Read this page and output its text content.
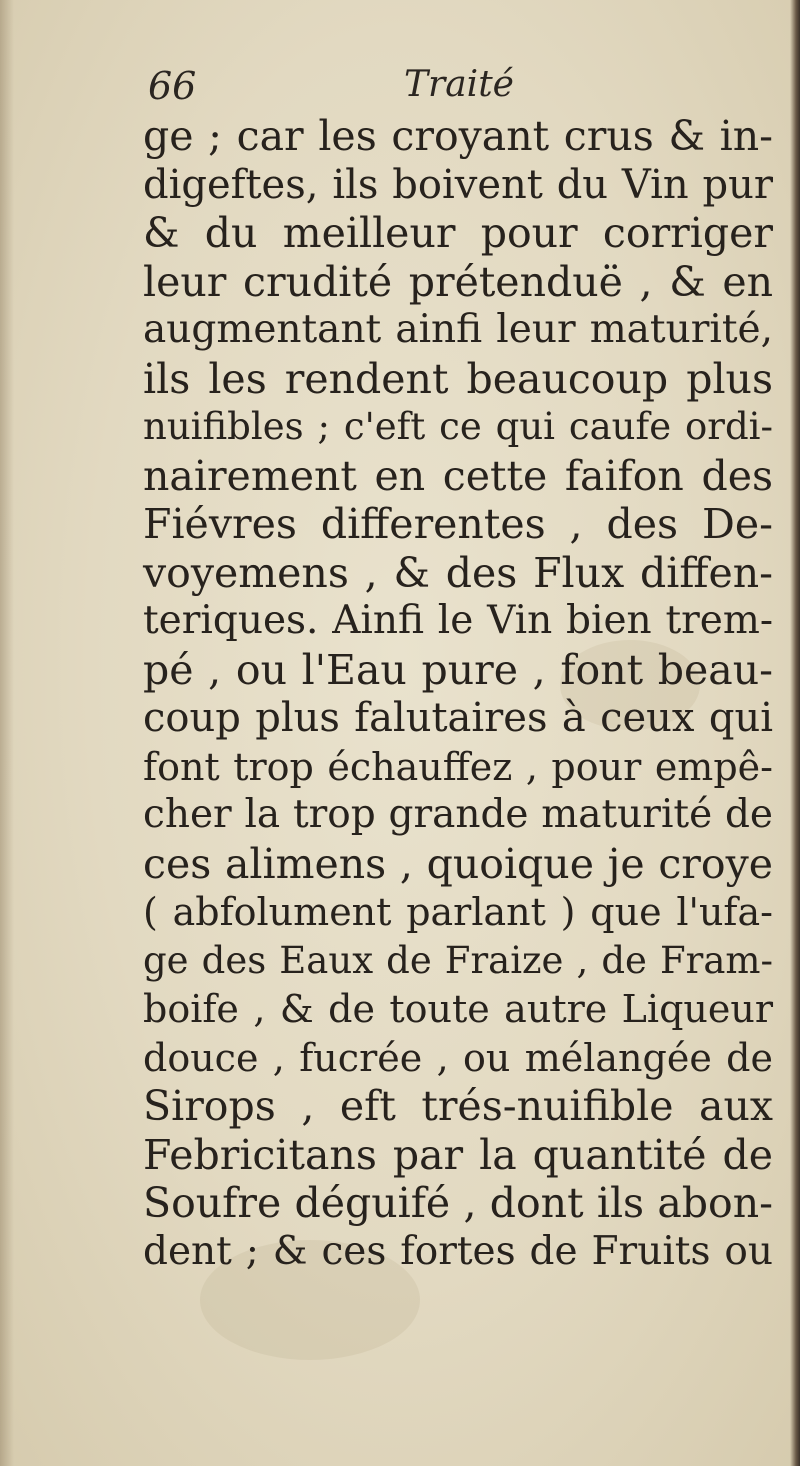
66	Traité
ge ; car les croyant crus & in-
digeftes, ils boivent du Vin pur
& du meilleur pour corriger
leur crudité prétenduë , & en
augmentant ainfi leur maturité,
ils les rendent beaucoup plus
nuifibles ; c'eft ce qui caufe ordi-
nairement en cette faifon des
Fiévres differentes , des De-
voyemens , & des Flux diffen-
teriques. Ainfi le Vin bien trem-
pé , ou l'Eau pure , font beau-
coup plus falutaires à ceux qui
font trop échauffez , pour empê-
cher la trop grande maturité de
ces alimens , quoique je croye
( abfolument parlant ) que l'ufa-
ge des Eaux de Fraize , de Fram-
boife , & de toute autre Liqueur
douce , fucrée , ou mélangée de
Sirops , eft trés-nuifible aux
Febricitans par la quantité de
Soufre déguifé , dont ils abon-
dent ; & ces fortes de Fruits ou
